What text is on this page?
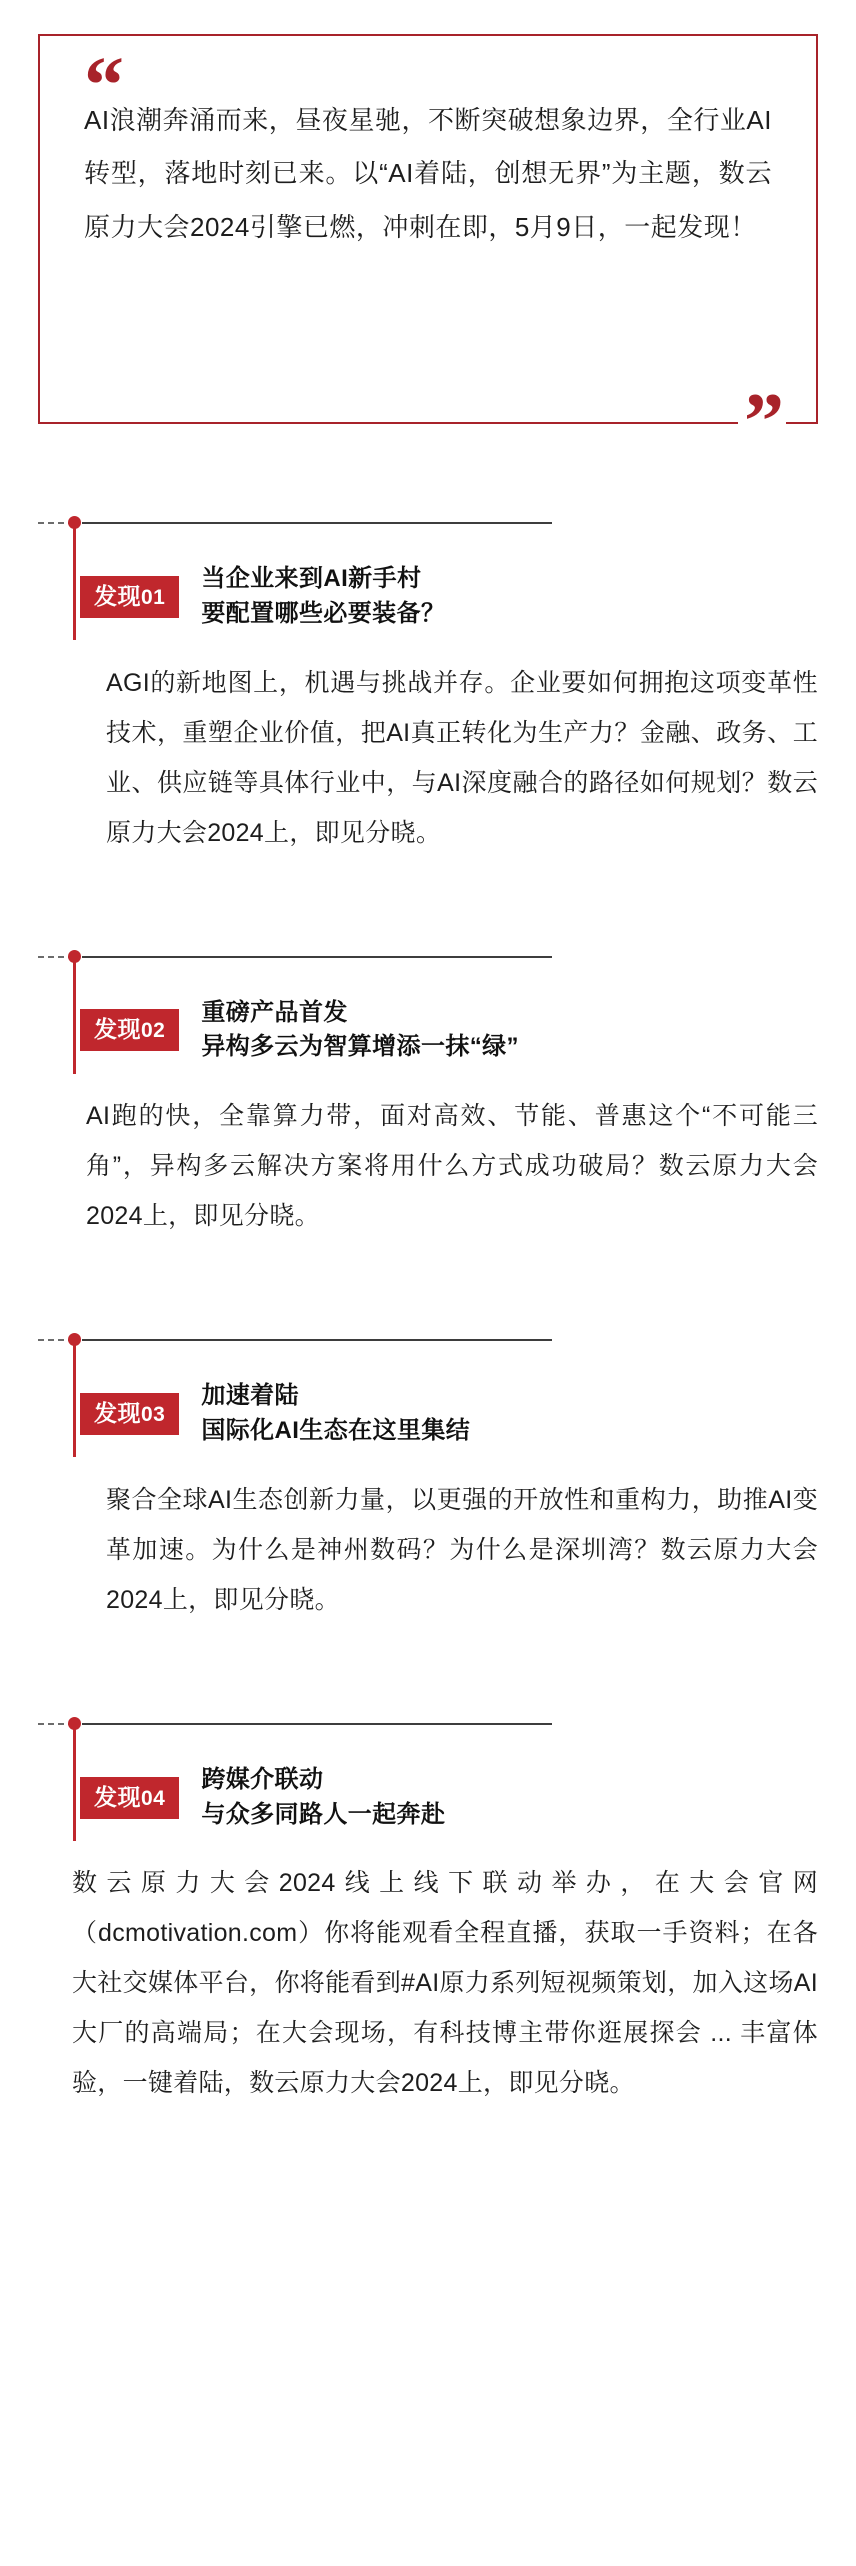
“

AI浪潮奔涌而来，昼夜星驰，不断突破想象边界，全行业AI转型，落地时刻已来。以“AI着陆，创想无界”为主题，数云原力大会2024引擎已燃，冲刺在即，5月9日，一起发现！

”
发现01
当企业来到AI新手村
要配置哪些必要装备？

AGI的新地图上，机遇与挑战并存。企业要如何拥抱这项变革性技术，重塑企业价值，把AI真正转化为生产力？金融、政务、工业、供应链等具体行业中，与AI深度融合的路径如何规划？数云原力大会2024上，即见分晓。

发现02
重磅产品首发
异构多云为智算增添一抹“绿”

AI跑的快，全靠算力带，面对高效、节能、普惠这个“不可能三角”，异构多云解决方案将用什么方式成功破局？数云原力大会2024上，即见分晓。

发现03
加速着陆
国际化AI生态在这里集结

聚合全球AI生态创新力量，以更强的开放性和重构力，助推AI变革加速。为什么是神州数码？为什么是深圳湾？数云原力大会2024上，即见分晓。

发现04
跨媒介联动
与众多同路人一起奔赴

数云原力大会2024线上线下联动举办，在大会官网（dcmotivation.com）你将能观看全程直播，获取一手资料；在各大社交媒体平台，你将能看到#AI原力系列短视频策划，加入这场AI大厂的高端局；在大会现场，有科技博主带你逛展探会 ... 丰富体验，一键着陆，数云原力大会2024上，即见分晓。
